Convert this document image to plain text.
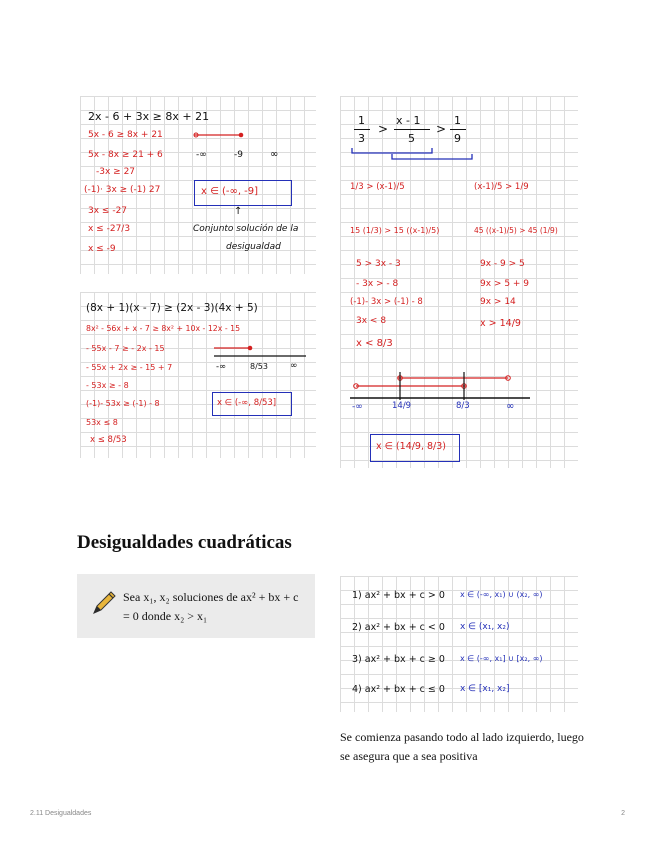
2x - 6 + 3x ≥ 8x + 21
5x - 6 ≥ 8x + 21
5x - 8x ≥ 21 + 6
-3x ≥ 27
(-1)· 3x ≥ (-1) 27
3x ≤ -27
x ≤ -27/3
x ≤ -9
-∞	-9	∞
x ∈ (-∞, -9]
↑
Conjunto solución de la
desigualdad
(8x + 1)(x - 7) ≥ (2x - 3)(4x + 5)
8x² - 56x + x - 7 ≥ 8x² + 10x - 12x - 15
- 55x - 7 ≥ - 2x - 15
- 55x + 2x ≥ - 15 + 7
- 53x ≥ - 8
(-1)- 53x ≥ (-1) - 8
53x ≤ 8
x ≤ 8/53
-∞	8/53 ∞
x ∈ (-∞, 8/53]
1
3
>
x - 1
5
>
1
9
1/3 > (x-1)/5
15 (1/3) > 15 ((x-1)/5)
5 > 3x - 3
- 3x > - 8
(-1)- 3x > (-1) - 8
3x < 8
x < 8/3
(x-1)/5 > 1/9
45 ((x-1)/5) > 45 (1/9)
9x - 9 > 5
9x > 5 + 9
9x > 14
x > 14/9
-∞	14/9	8/3	∞
x ∈ (14/9, 8/3)
Desigualdades cuadráticas
Sea x₁, x₂ soluciones de ax² + bx + c = 0 donde x₂ > x₁
1) ax² + bx + c > 0 x ∈ (-∞, x₁) ∪ (x₂, ∞)
2) ax² + bx + c < 0 x ∈ (x₁, x₂)
3) ax² + bx + c ≥ 0 x ∈ (-∞, x₁] ∪ [x₂, ∞)
4) ax² + bx + c ≤ 0 x ∈ [x₁, x₂]
Se comienza pasando todo al lado izquierdo, luego se asegura que a sea positiva
2.11 Desigualdades	2
